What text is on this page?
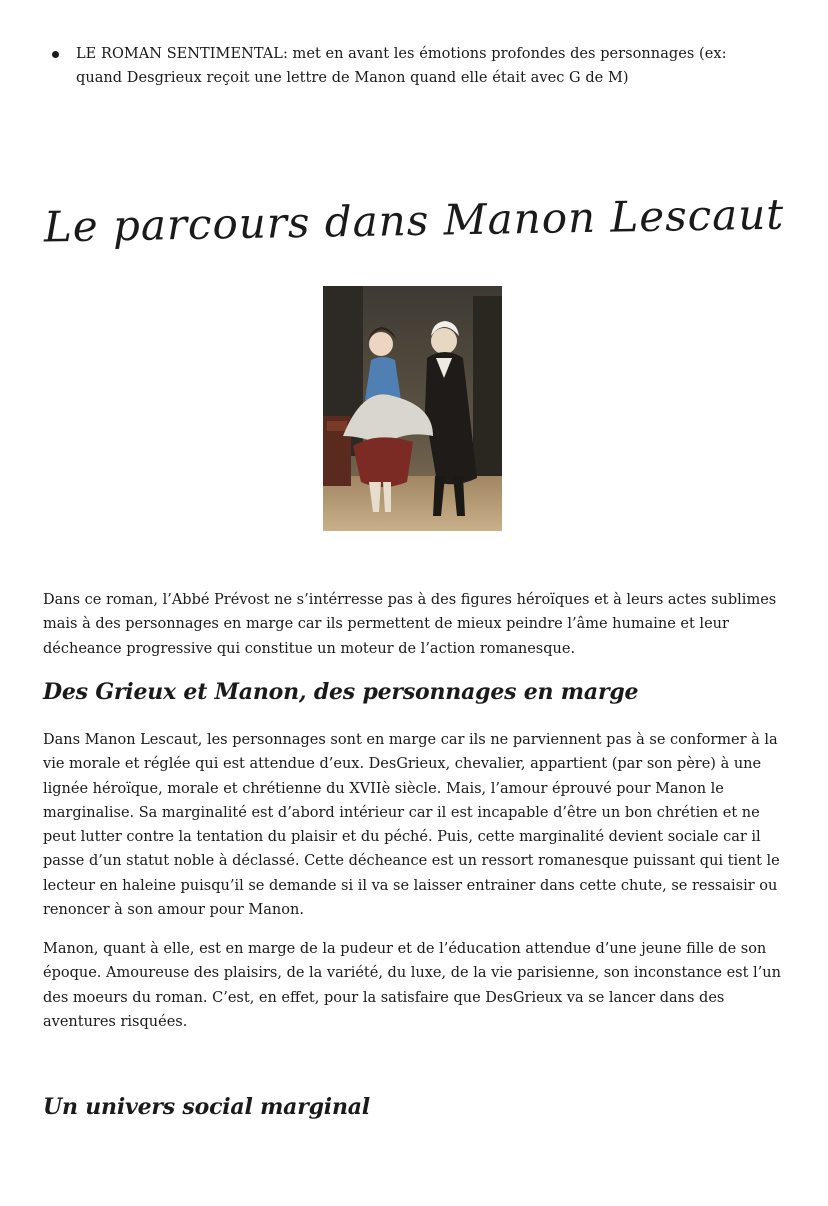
LE ROMAN SENTIMENTAL: met en avant les émotions profondes des personnages (ex: quand Desgrieux reçoit une lettre de Manon quand elle était avec G de M)
Le parcours dans Manon Lescaut

Dans ce roman, l’Abbé Prévost ne s’intérresse pas à des figures héroïques et à leurs actes sublimes mais à des personnages en marge car ils permettent de mieux peindre l’âme humaine et leur décheance progressive qui constitue un moteur de l’action romanesque.

Des Grieux et Manon, des personnages en marge

Dans Manon Lescaut, les personnages sont en marge car ils ne parviennent pas à se conformer à la vie morale et réglée qui est attendue d’eux. DesGrieux, chevalier, appartient (par son père) à une lignée héroïque, morale et chrétienne du XVIIè siècle. Mais, l’amour éprouvé pour Manon le marginalise. Sa marginalité est d’abord intérieur car il est incapable d’être un bon chrétien et ne peut lutter contre la tentation du plaisir et du péché. Puis, cette marginalité devient sociale car il passe d’un statut noble à déclassé. Cette décheance est un ressort romanesque puissant qui tient le lecteur en haleine puisqu’il se demande si il va se laisser entrainer dans cette chute, se ressaisir ou renoncer à son amour pour Manon.

Manon, quant à elle, est en marge de la pudeur et de l’éducation attendue d’une jeune fille de son époque. Amoureuse des plaisirs, de la variété, du luxe, de la vie parisienne, son inconstance est l’un des moeurs du roman. C’est, en effet, pour la satisfaire que DesGrieux va se lancer dans des aventures risquées.

Un univers social marginal
